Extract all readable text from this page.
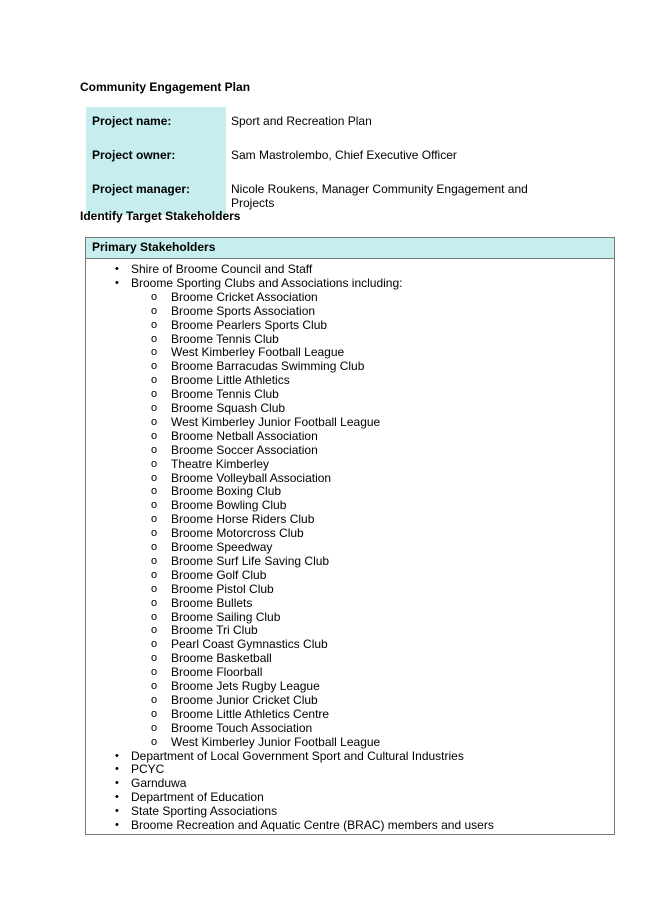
Community Engagement Plan
Project name:	Sport and Recreation Plan
Project owner:	Sam Mastrolembo, Chief Executive Officer
Project manager:	Nicole Roukens, Manager Community Engagement and Projects
Identify Target Stakeholders
Primary Stakeholders
• Shire of Broome Council and Staff
• Broome Sporting Clubs and Associations including:
o Broome Cricket Association
o Broome Sports Association
o Broome Pearlers Sports Club
o Broome Tennis Club
o West Kimberley Football League
o Broome Barracudas Swimming Club
o Broome Little Athletics
o Broome Tennis Club
o Broome Squash Club
o West Kimberley Junior Football League
o Broome Netball Association
o Broome Soccer Association
o Theatre Kimberley
o Broome Volleyball Association
o Broome Boxing Club
o Broome Bowling Club
o Broome Horse Riders Club
o Broome Motorcross Club
o Broome Speedway
o Broome Surf Life Saving Club
o Broome Golf Club
o Broome Pistol Club
o Broome Bullets
o Broome Sailing Club
o Broome Tri Club
o Pearl Coast Gymnastics Club
o Broome Basketball
o Broome Floorball
o Broome Jets Rugby League
o Broome Junior Cricket Club
o Broome Little Athletics Centre
o Broome Touch Association
o West Kimberley Junior Football League
• Department of Local Government Sport and Cultural Industries
• PCYC
• Garnduwa
• Department of Education
• State Sporting Associations
• Broome Recreation and Aquatic Centre (BRAC) members and users
